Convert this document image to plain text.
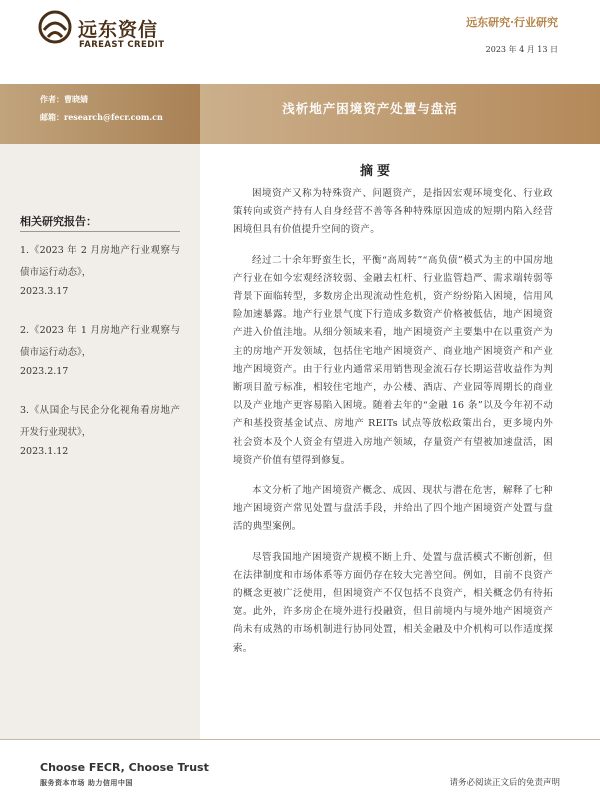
远东资信
FAREAST CREDIT
远东研究·行业研究
2023 年 4 月 13 日
作者：曹晓婧
邮箱：research@fecr.com.cn
浅析地产困境资产处置与盘活
相关研究报告：
1.《2023 年 2 月房地产行业观察与债市运行动态》，
2023.3.17
2.《2023 年 1 月房地产行业观察与债市运行动态》，
2023.2.17
3.《从国企与民企分化视角看房地产开发行业现状》，
2023.1.12
摘要

困境资产又称为特殊资产、问题资产，是指因宏观环境变化、行业政策转向或资产持有人自身经营不善等各种特殊原因造成的短期内陷入经营困境但具有价值提升空间的资产。

经过二十余年野蛮生长，平衡“高周转”“高负债”模式为主的中国房地产行业在如今宏观经济较弱、金融去杠杆、行业监管趋严、需求端转弱等背景下面临转型，多数房企出现流动性危机，资产纷纷陷入困境，信用风险加速暴露。地产行业景气度下行造成多数资产价格被低估，地产困境资产进入价值洼地。从细分领域来看，地产困境资产主要集中在以重资产为主的房地产开发领域，包括住宅地产困境资产、商业地产困境资产和产业地产困境资产。由于行业内通常采用销售现金流石存长期运营收益作为判断项目盈亏标准，相较住宅地产，办公楼、酒店、产业园等周期长的商业以及产业地产更容易陷入困境。随着去年的“金融 16 条”以及今年初不动产和基投资基金试点、房地产 REITs 试点等放松政策出台，更多境内外社会资本及个人资金有望进入房地产领域，存量资产有望被加速盘活，困境资产价值有望得到修复。

本文分析了地产困境资产概念、成因、现状与潜在危害，解释了七种地产困境资产常见处置与盘活手段，并给出了四个地产困境资产处置与盘活的典型案例。

尽管我国地产困境资产规模不断上升、处置与盘活模式不断创新，但在法律制度和市场体系等方面仍存在较大完善空间。例如，目前不良资产的概念更被广泛使用，但困境资产不仅包括不良资产，相关概念仍有待拓宽。此外，许多房企在境外进行投融资，但目前境内与境外地产困境资产尚未有成熟的市场机制进行协同处置，相关金融及中介机构可以作适度探索。

Choose FECR, Choose Trust
服务资本市场 助力信用中国	请务必阅读正文后的免责声明
